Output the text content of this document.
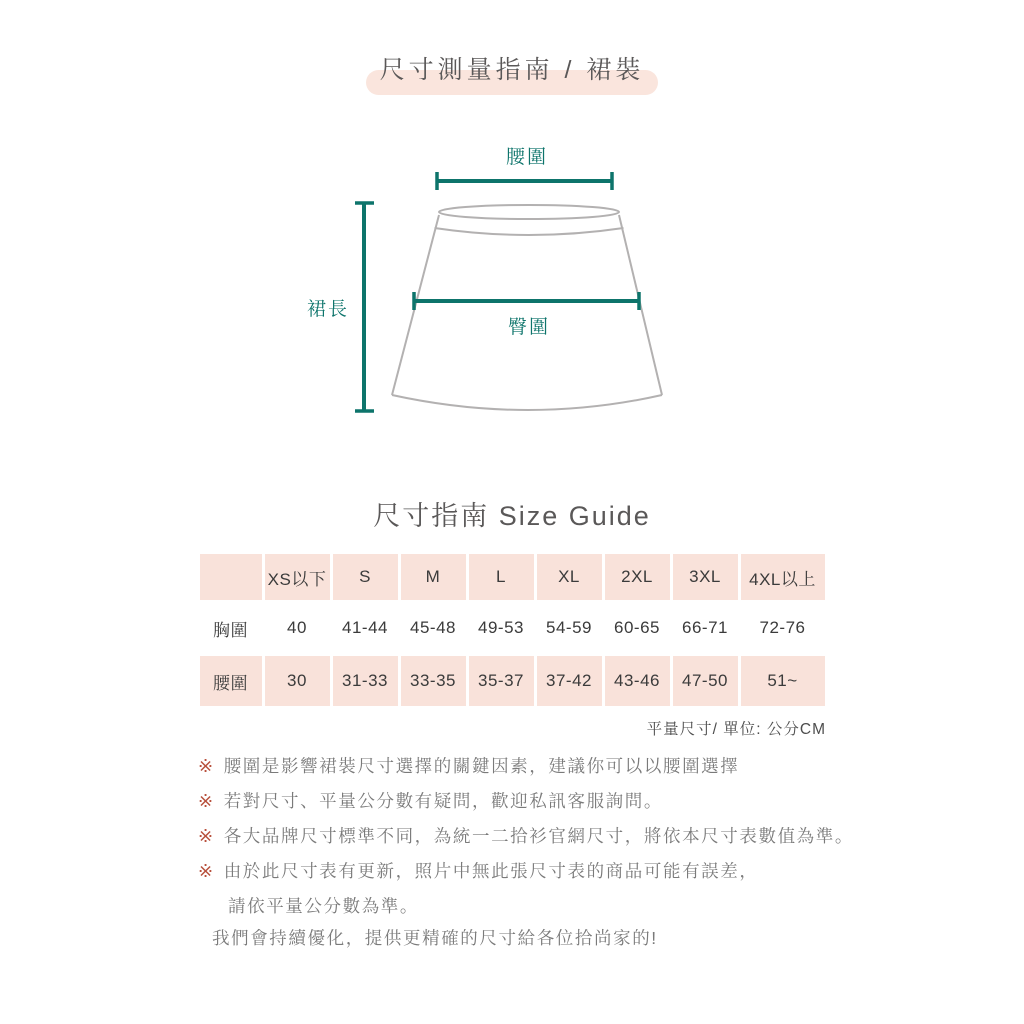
尺寸測量指南 / 裙裝
腰圍
臀圍
裙長
尺寸指南 Size Guide
	XS以下	S	M	L	XL	2XL	3XL	4XL以上
胸圍	40	41-44	45-48	49-53	54-59	60-65	66-71	72-76
腰圍	30	31-33	33-35	35-37	37-42	43-46	47-50	51~
平量尺寸/ 單位: 公分CM
※ 腰圍是影響裙裝尺寸選擇的關鍵因素，建議你可以以腰圍選擇
※ 若對尺寸、平量公分數有疑問，歡迎私訊客服詢問。
※ 各大品牌尺寸標準不同，為統一二拾衫官網尺寸，將依本尺寸表數值為準。
※ 由於此尺寸表有更新，照片中無此張尺寸表的商品可能有誤差，
請依平量公分數為準。
我們會持續優化，提供更精確的尺寸給各位拾尚家的!
